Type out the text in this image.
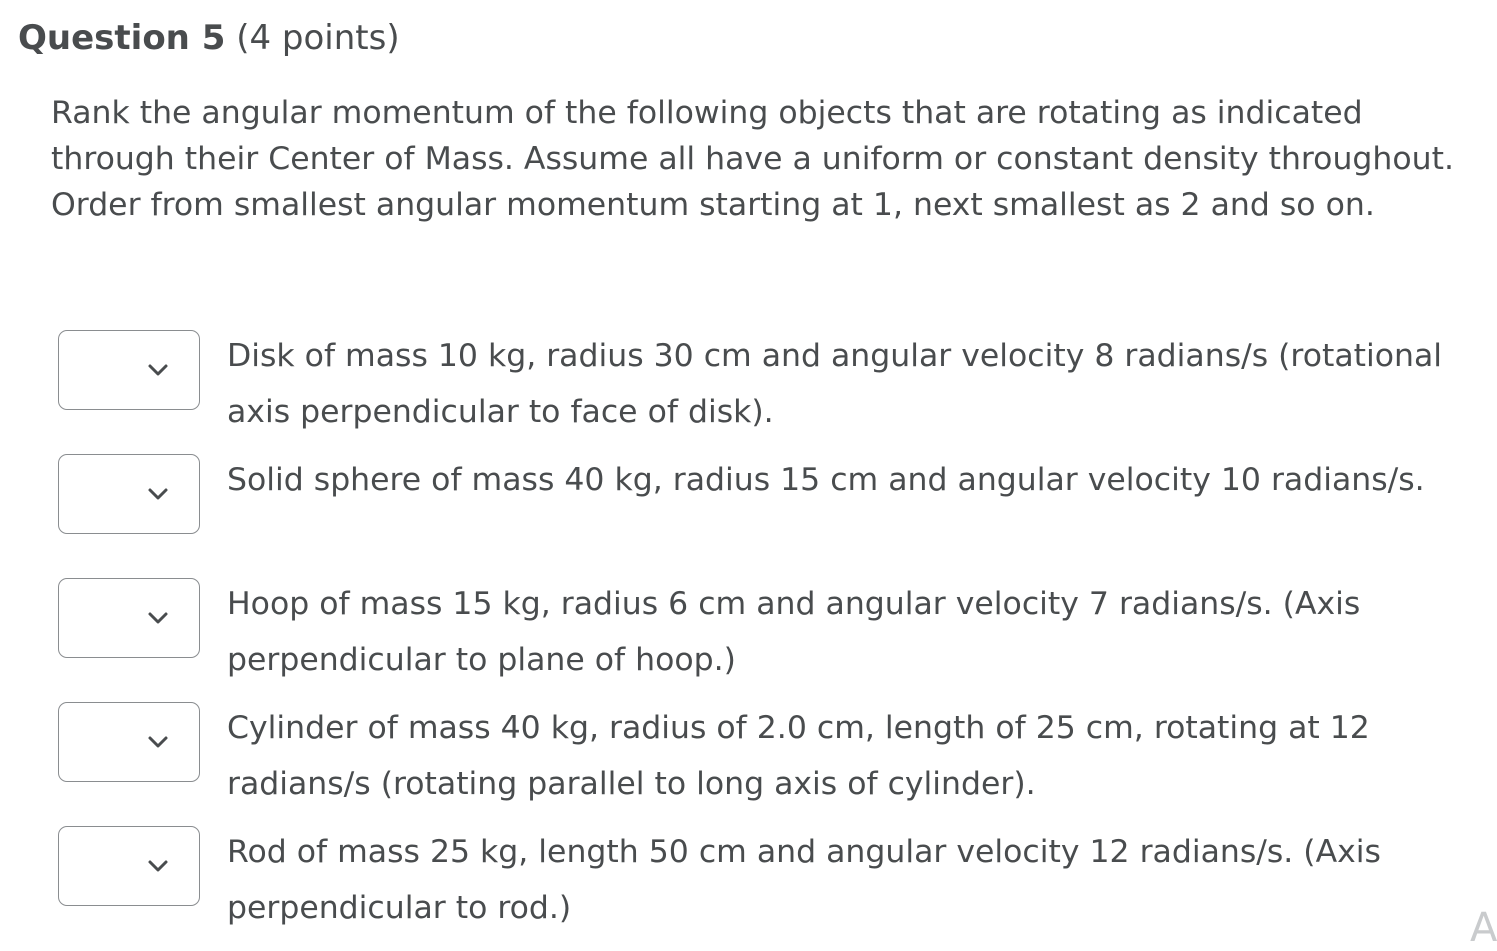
Question 5 (4 points)
Rank the angular momentum of the following objects that are rotating as indicated through their Center of Mass. Assume all have a uniform or constant density throughout. Order from smallest angular momentum starting at 1, next smallest as 2 and so on.
Disk of mass 10 kg, radius 30 cm and angular velocity 8 radians/s (rotational axis perpendicular to face of disk).
Solid sphere of mass 40 kg, radius 15 cm and angular velocity 10 radians/s.
Hoop of mass 15 kg, radius 6 cm and angular velocity 7 radians/s. (Axis perpendicular to plane of hoop.)
Cylinder of mass 40 kg, radius of 2.0 cm, length of 25 cm, rotating at 12 radians/s (rotating parallel to long axis of cylinder).
Rod of mass 25 kg, length 50 cm and angular velocity 12 radians/s. (Axis perpendicular to rod.)	A
